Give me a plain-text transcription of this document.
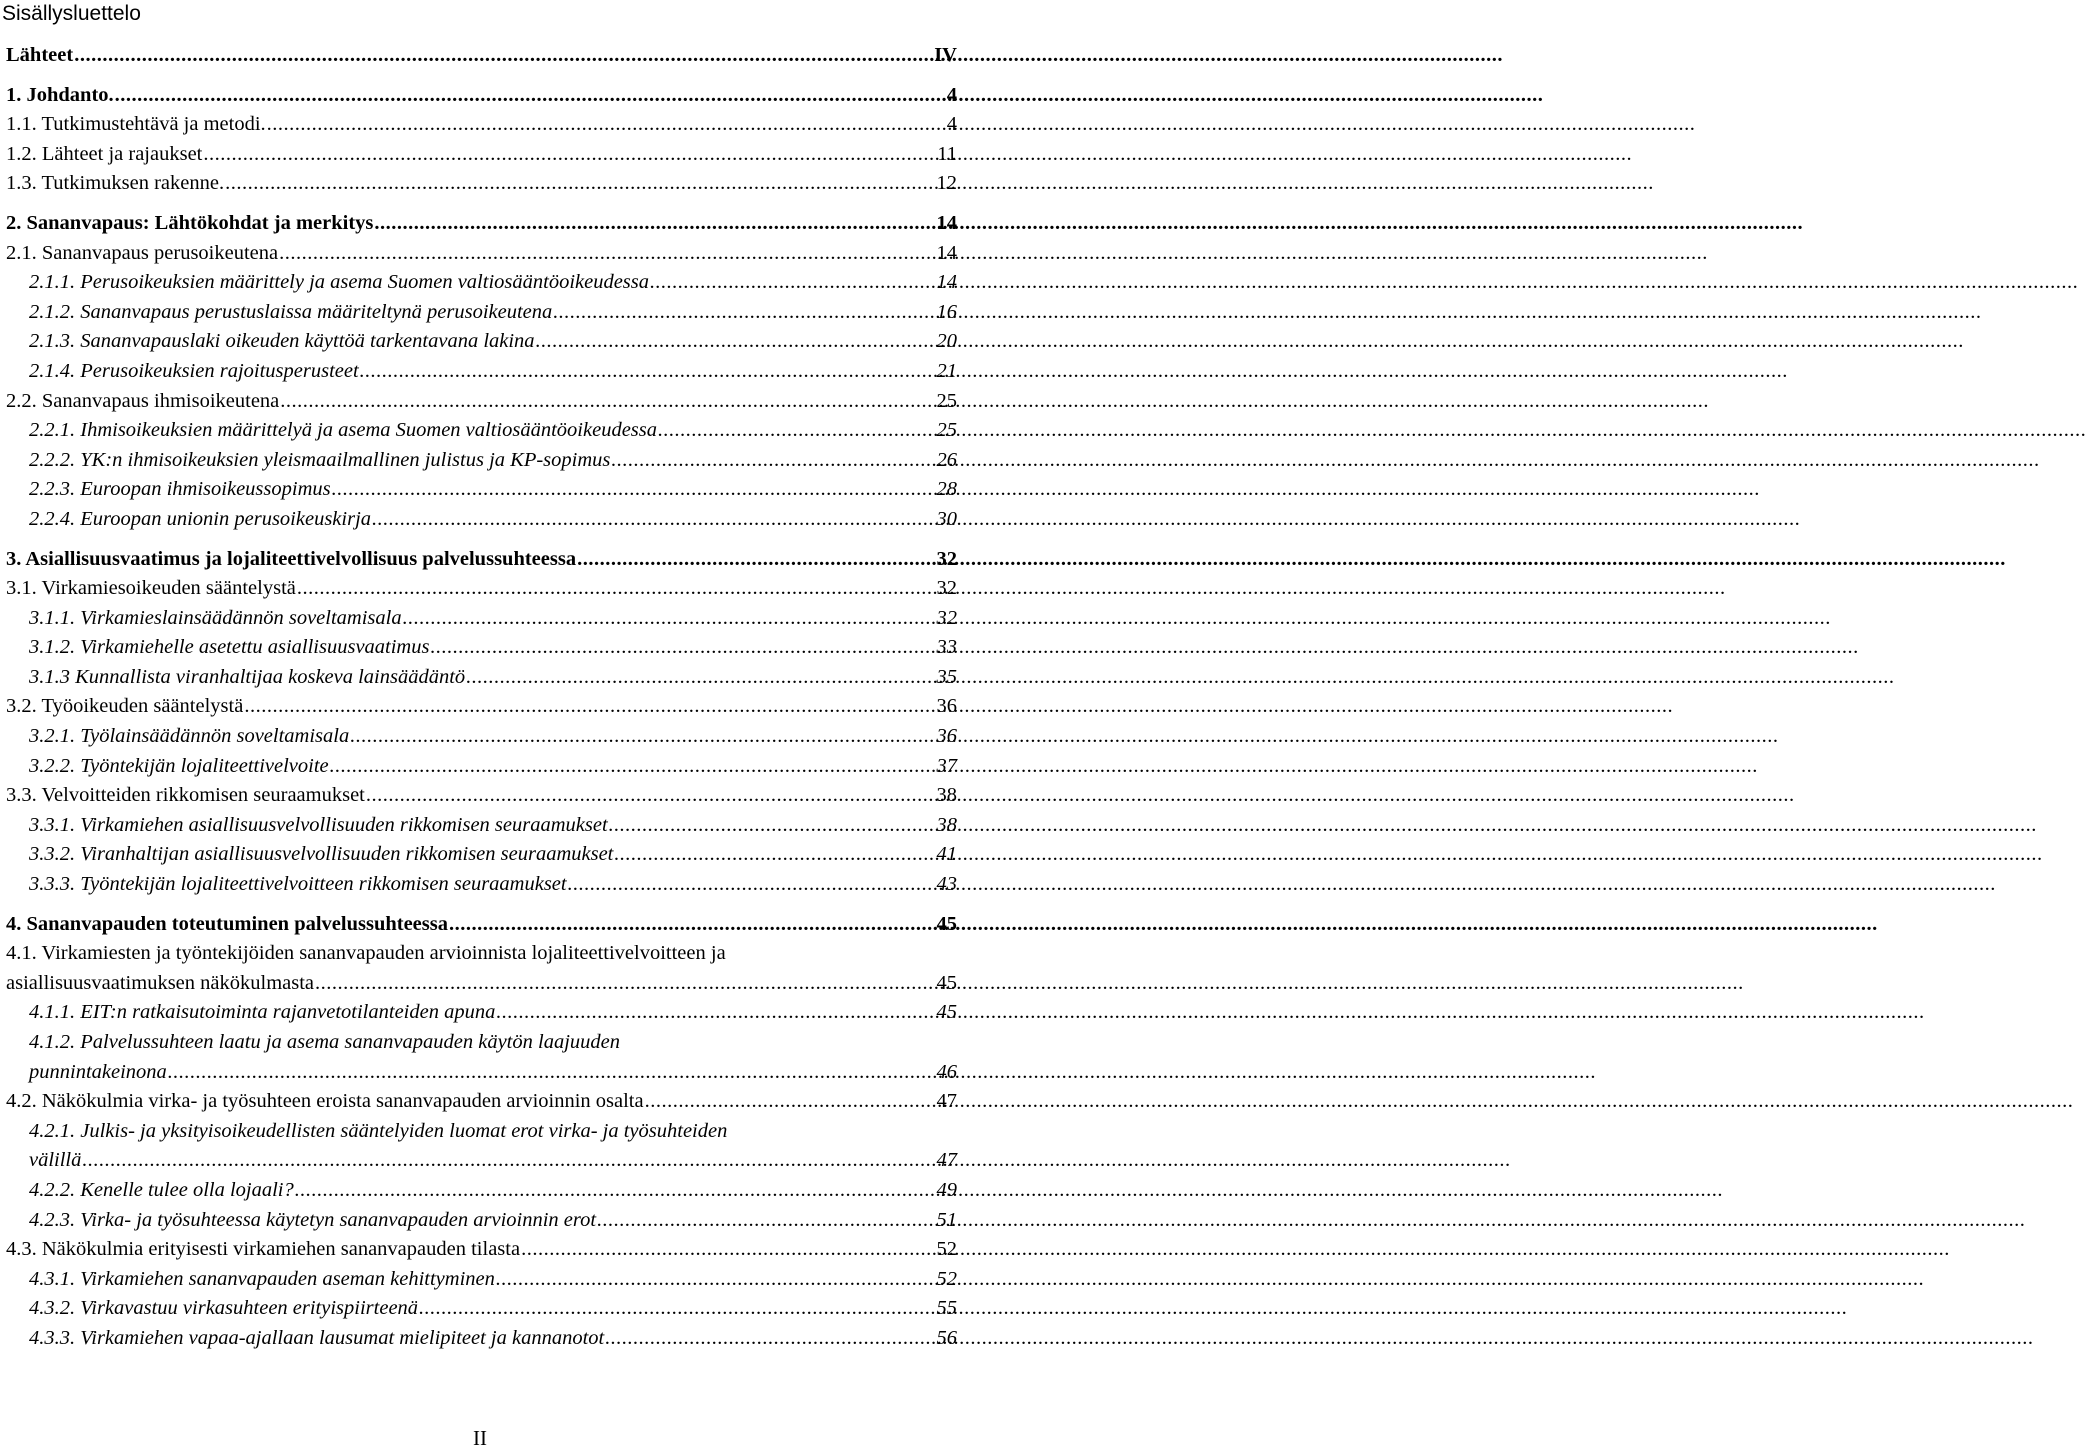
Sisällysluettelo
Lähteet .....	IV
1. Johdanto. .....	4
1.1. Tutkimustehtävä ja metodi. .....	4
1.2. Lähteet ja rajaukset .....	11
1.3. Tutkimuksen rakenne. .....	12
2. Sananvapaus: Lähtökohdat ja merkitys .....	14
2.1. Sananvapaus perusoikeutena .....	14
2.1.1. Perusoikeuksien määrittely ja asema Suomen valtiosääntöoikeudessa .....	14
2.1.2. Sananvapaus perustuslaissa määriteltynä perusoikeutena .....	16
2.1.3. Sananvapauslaki oikeuden käyttöä tarkentavana lakina .....	20
2.1.4. Perusoikeuksien rajoitusperusteet .....	21
2.2. Sananvapaus ihmisoikeutena .....	25
2.2.1. Ihmisoikeuksien määrittelyä ja asema Suomen valtiosääntöoikeudessa .....	25
2.2.2. YK:n ihmisoikeuksien yleismaailmallinen julistus ja KP-sopimus .....	26
2.2.3. Euroopan ihmisoikeussopimus .....	28
2.2.4. Euroopan unionin perusoikeuskirja .....	30
3. Asiallisuusvaatimus ja lojaliteettivelvollisuus palvelussuhteessa .....	32
3.1. Virkamiesoikeuden sääntelystä .....	32
3.1.1. Virkamieslainsäädännön soveltamisala .....	32
3.1.2. Virkamiehelle asetettu asiallisuusvaatimus .....	33
3.1.3 Kunnallista viranhaltijaa koskeva lainsäädäntö .....	35
3.2. Työoikeuden sääntelystä .....	36
3.2.1. Työlainsäädännön soveltamisala .....	36
3.2.2. Työntekijän lojaliteettivelvoite .....	37
3.3. Velvoitteiden rikkomisen seuraamukset .....	38
3.3.1. Virkamiehen asiallisuusvelvollisuuden rikkomisen seuraamukset .....	38
3.3.2. Viranhaltijan asiallisuusvelvollisuuden rikkomisen seuraamukset .....	41
3.3.3. Työntekijän lojaliteettivelvoitteen rikkomisen seuraamukset .....	43
4. Sananvapauden toteutuminen palvelussuhteessa .....	45
4.1. Virkamiesten ja työntekijöiden sananvapauden arvioinnista lojaliteettivelvoitteen ja
asiallisuusvaatimuksen näkökulmasta .....	45
4.1.1. EIT:n ratkaisutoiminta rajanvetotilanteiden apuna .....	45
4.1.2. Palvelussuhteen laatu ja asema sananvapauden käytön laajuuden
punnintakeinona .....	46
4.2. Näkökulmia virka- ja työsuhteen eroista sananvapauden arvioinnin osalta .....	47
4.2.1. Julkis- ja yksityisoikeudellisten sääntelyiden luomat erot virka- ja työsuhteiden
välillä .....	47
4.2.2. Kenelle tulee olla lojaali? .....	49
4.2.3. Virka- ja työsuhteessa käytetyn sananvapauden arvioinnin erot .....	51
4.3. Näkökulmia erityisesti virkamiehen sananvapauden tilasta .....	52
4.3.1. Virkamiehen sananvapauden aseman kehittyminen .....	52
4.3.2. Virkavastuu virkasuhteen erityispiirteenä .....	55
4.3.3. Virkamiehen vapaa-ajallaan lausumat mielipiteet ja kannanotot .....	56
II
